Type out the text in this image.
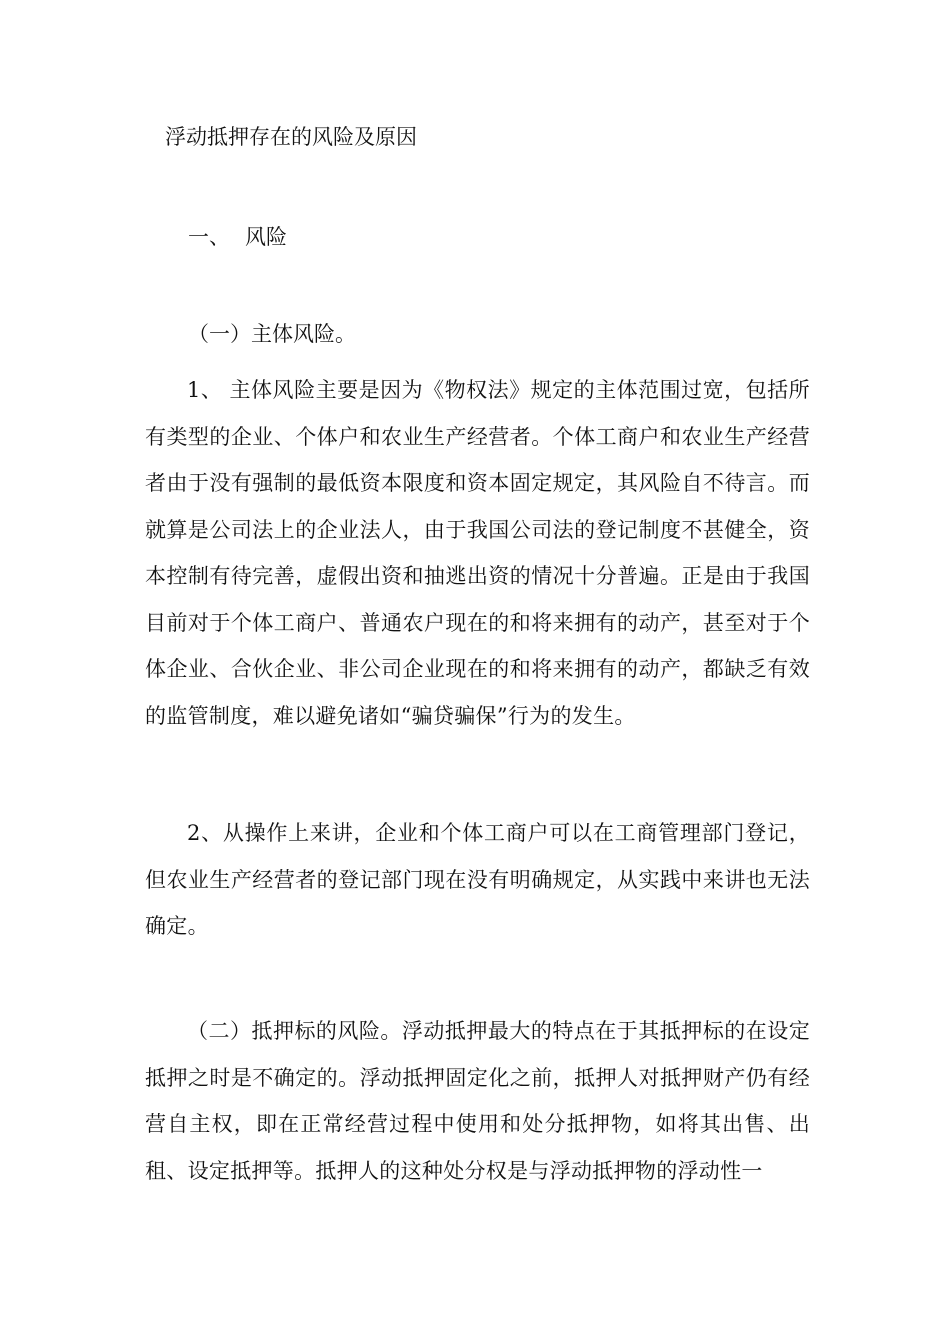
浮动抵押存在的风险及原因
一、 风险
（一）主体风险。

1、 主体风险主要是因为《物权法》规定的主体范围过宽，包括所有类型的企业、个体户和农业生产经营者。个体工商户和农业生产经营者由于没有强制的最低资本限度和资本固定规定，其风险自不待言。而就算是公司法上的企业法人，由于我国公司法的登记制度不甚健全，资本控制有待完善，虚假出资和抽逃出资的情况十分普遍。正是由于我国目前对于个体工商户、普通农户现在的和将来拥有的动产，甚至对于个体企业、合伙企业、非公司企业现在的和将来拥有的动产，都缺乏有效的监管制度，难以避免诸如“骗贷骗保”行为的发生。

2、从操作上来讲，企业和个体工商户可以在工商管理部门登记，但农业生产经营者的登记部门现在没有明确规定，从实践中来讲也无法确定。

（二）抵押标的风险。浮动抵押最大的特点在于其抵押标的在设定抵押之时是不确定的。浮动抵押固定化之前，抵押人对抵押财产仍有经营自主权，即在正常经营过程中使用和处分抵押物，如将其出售、出租、设定抵押等。抵押人的这种处分权是与浮动抵押物的浮动性一
